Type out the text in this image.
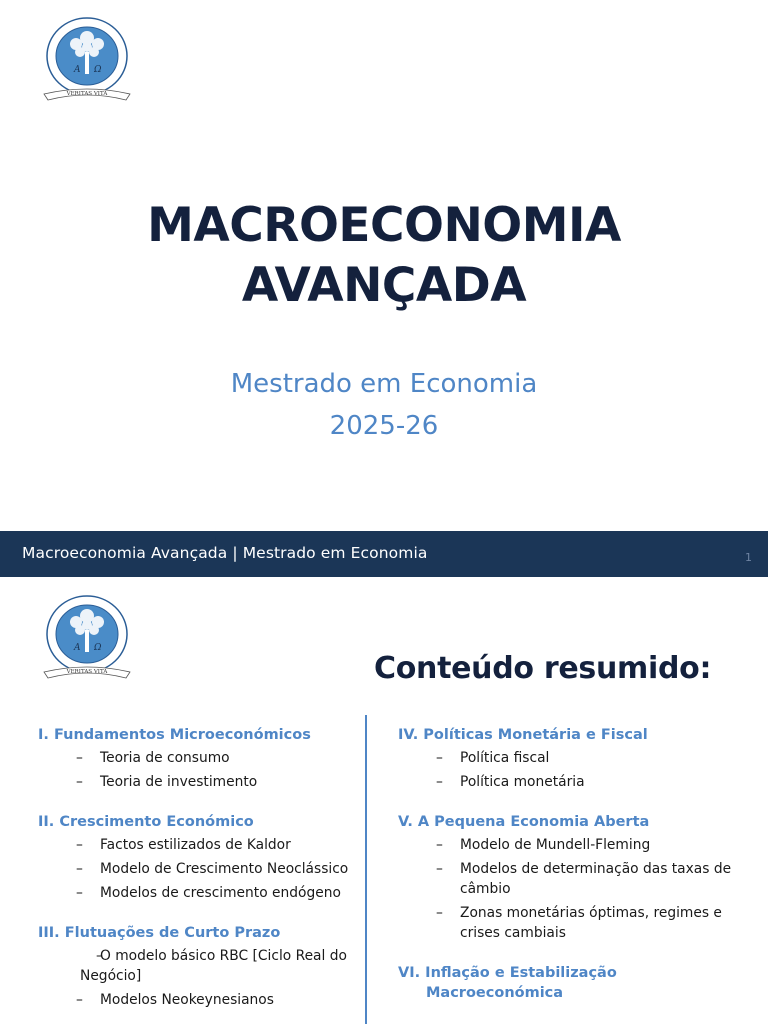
A Ω
VERITAS VITA
MACROECONOMIA
AVANÇADA
Mestrado em Economia
2025-26
Macroeconomia Avançada | Mestrado em Economia	1
A Ω
VERITAS VITA	Conteúdo resumido:
I. Fundamentos Microeconómicos
– Teoria de consumo
– Teoria de investimento
II. Crescimento Económico
– Factos estilizados de Kaldor
– Modelo de Crescimento Neoclássico
– Modelos de crescimento endógeno
III. Flutuações de Curto Prazo
– O modelo básico RBC [Ciclo Real do Negócio]
– Modelos Neokeynesianos
IV. Políticas Monetária e Fiscal
– Política fiscal
– Política monetária
V. A Pequena Economia Aberta
– Modelo de Mundell-Fleming
– Modelos de determinação das taxas de câmbio
– Zonas monetárias óptimas, regimes e crises cambiais
VI. Inflação e Estabilização
Macroeconómica
